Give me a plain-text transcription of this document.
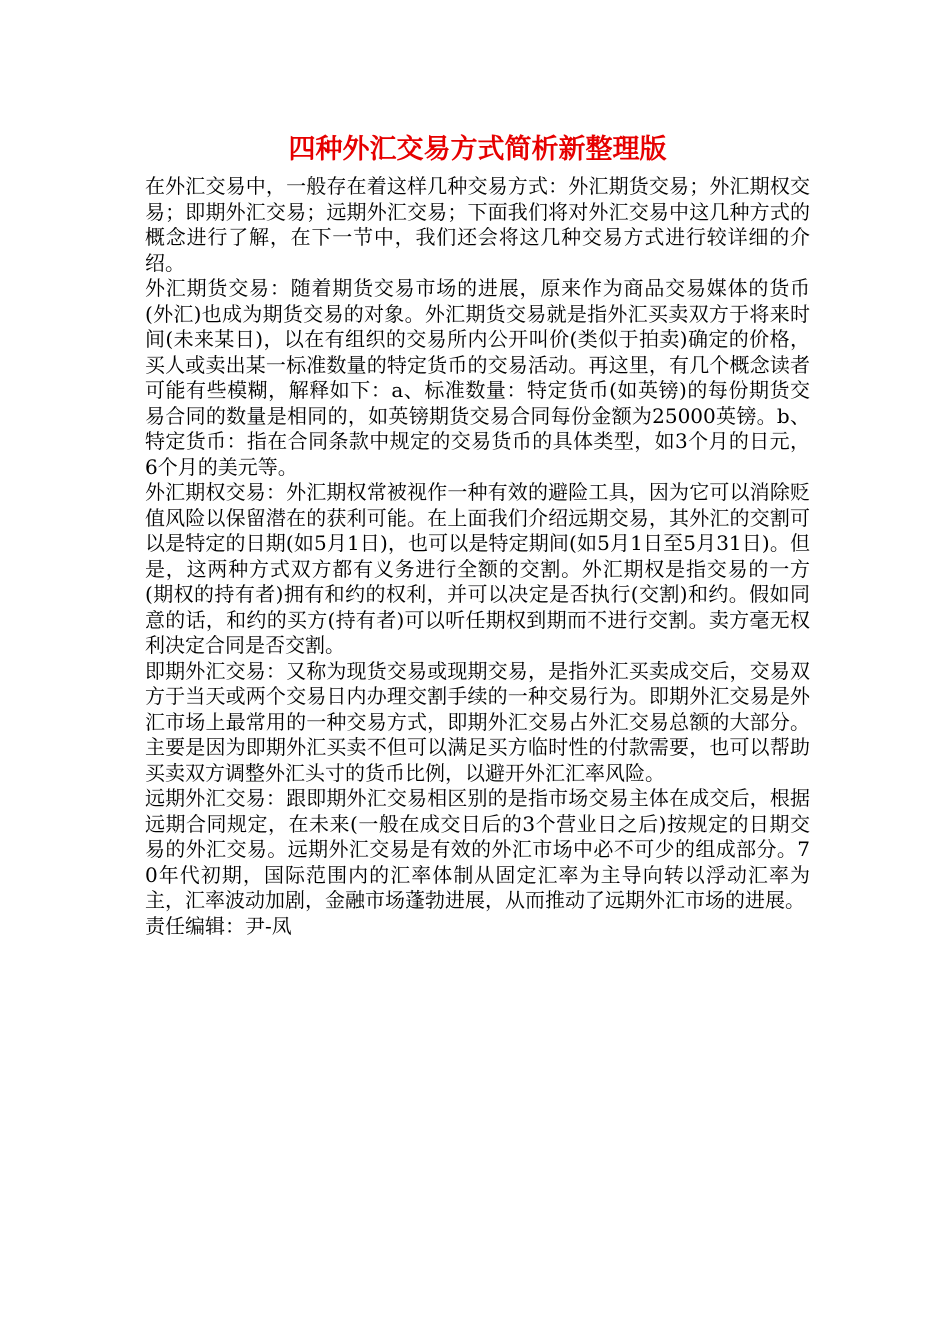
四种外汇交易方式简析新整理版

在外汇交易中，一般存在着这样几种交易方式：外汇期货交易；外汇期权交易；即期外汇交易；远期外汇交易；下面我们将对外汇交易中这几种方式的概念进行了解，在下一节中，我们还会将这几种交易方式进行较详细的介绍。

外汇期货交易：随着期货交易市场的进展，原来作为商品交易媒体的货币(外汇)也成为期货交易的对象。外汇期货交易就是指外汇买卖双方于将来时间(未来某日)，以在有组织的交易所内公开叫价(类似于拍卖)确定的价格，买人或卖出某一标准数量的特定货币的交易活动。再这里，有几个概念读者可能有些模糊，解释如下：a、标准数量：特定货币(如英镑)的每份期货交易合同的数量是相同的，如英镑期货交易合同每份金额为25000英镑。b、特定货币：指在合同条款中规定的交易货币的具体类型，如3个月的日元，6个月的美元等。

外汇期权交易：外汇期权常被视作一种有效的避险工具，因为它可以消除贬值风险以保留潜在的获利可能。在上面我们介绍远期交易，其外汇的交割可以是特定的日期(如5月1日)，也可以是特定期间(如5月1日至5月31日)。但是，这两种方式双方都有义务进行全额的交割。外汇期权是指交易的一方(期权的持有者)拥有和约的权利，并可以决定是否执行(交割)和约。假如同意的话，和约的买方(持有者)可以听任期权到期而不进行交割。卖方毫无权利决定合同是否交割。

即期外汇交易：又称为现货交易或现期交易，是指外汇买卖成交后，交易双方于当天或两个交易日内办理交割手续的一种交易行为。即期外汇交易是外汇市场上最常用的一种交易方式，即期外汇交易占外汇交易总额的大部分。主要是因为即期外汇买卖不但可以满足买方临时性的付款需要，也可以帮助买卖双方调整外汇头寸的货币比例，以避开外汇汇率风险。

远期外汇交易：跟即期外汇交易相区别的是指市场交易主体在成交后，根据远期合同规定，在未来(一般在成交日后的3个营业日之后)按规定的日期交易的外汇交易。远期外汇交易是有效的外汇市场中必不可少的组成部分。70年代初期，国际范围内的汇率体制从固定汇率为主导向转以浮动汇率为主，汇率波动加剧，金融市场蓬勃进展，从而推动了远期外汇市场的进展。

责任编辑：尹-凤
